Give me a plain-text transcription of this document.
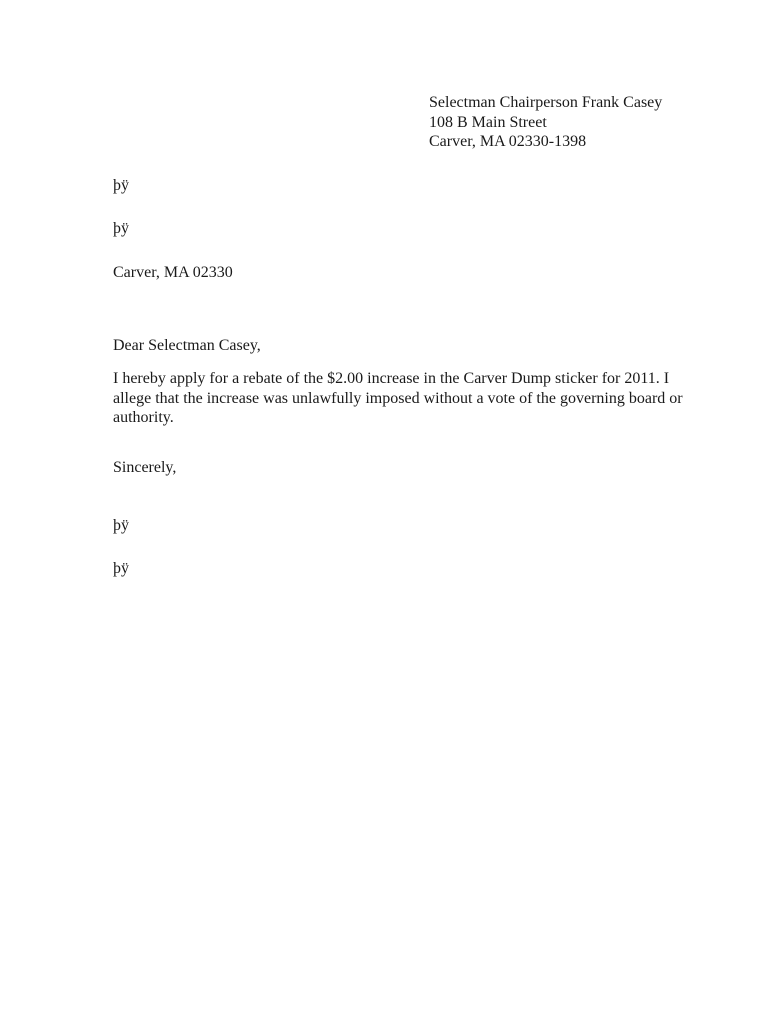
Selectman Chairperson Frank Casey
108 B Main Street
Carver, MA 02330-1398
þÿ
þÿ
Carver, MA 02330
Dear Selectman Casey,
I hereby apply for a rebate of the $2.00 increase in the Carver Dump sticker for 2011. I
allege that the increase was unlawfully imposed without a vote of the governing board or
authority.
Sincerely,
þÿ
þÿ
